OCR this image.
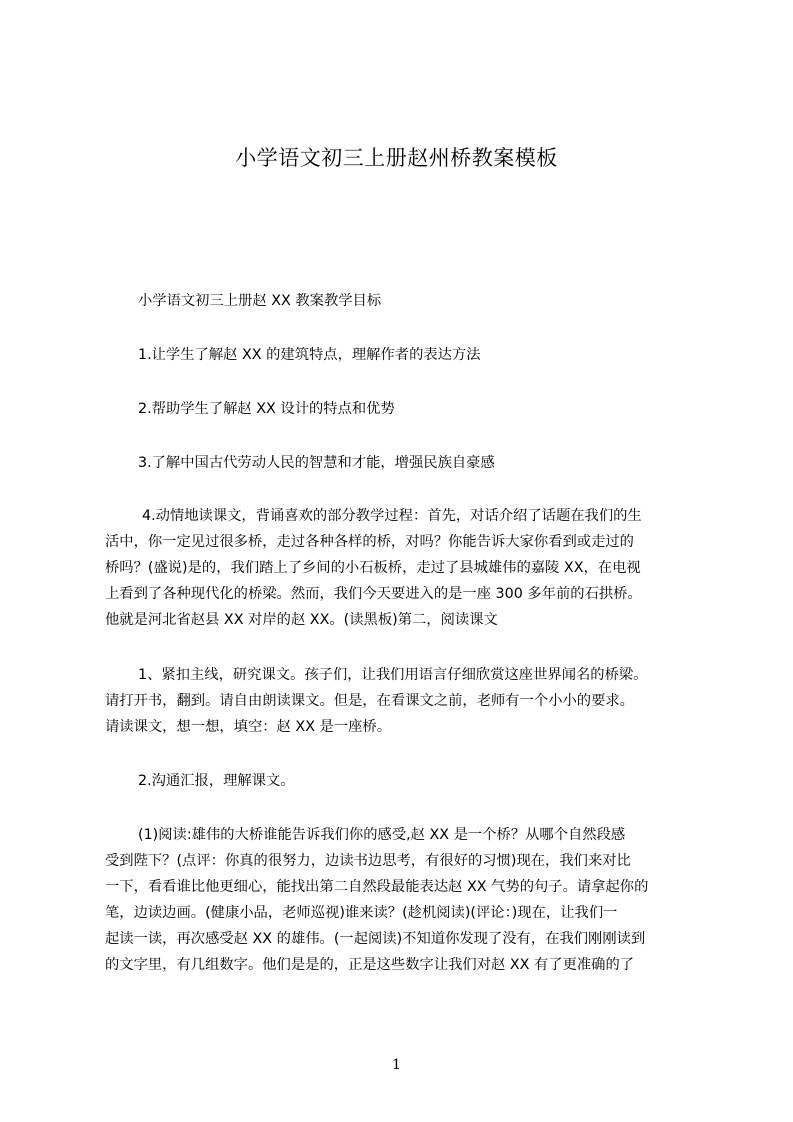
小学语文初三上册赵州桥教案模板
小学语文初三上册赵 XX 教案教学目标
1.让学生了解赵 XX 的建筑特点，理解作者的表达方法
2.帮助学生了解赵 XX 设计的特点和优势
3.了解中国古代劳动人民的智慧和才能，增强民族自豪感
4.动情地读课文，背诵喜欢的部分教学过程：首先，对话介绍了话题在我们的生
活中，你一定见过很多桥，走过各种各样的桥，对吗？你能告诉大家你看到或走过的
桥吗？(盛说)是的，我们踏上了乡间的小石板桥，走过了县城雄伟的嘉陵 XX，在电视
上看到了各种现代化的桥梁。然而，我们今天要进入的是一座 300 多年前的石拱桥。
他就是河北省赵县 XX 对岸的赵 XX。(读黑板)第二，阅读课文
1、紧扣主线，研究课文。孩子们，让我们用语言仔细欣赏这座世界闻名的桥梁。
请打开书，翻到。请自由朗读课文。但是，在看课文之前，老师有一个小小的要求。
请读课文，想一想，填空：赵 XX 是一座桥。
2.沟通汇报，理解课文。
(1)阅读:雄伟的大桥谁能告诉我们你的感受,赵 XX 是一个桥？从哪个自然段感
受到陛下？(点评：你真的很努力，边读书边思考，有很好的习惯)现在，我们来对比
一下，看看谁比他更细心，能找出第二自然段最能表达赵 XX 气势的句子。请拿起你的
笔，边读边画。(健康小品，老师巡视)谁来读？(趁机阅读)(评论：)现在，让我们一
起读一读，再次感受赵 XX 的雄伟。(一起阅读)不知道你发现了没有，在我们刚刚读到
的文字里，有几组数字。他们是是的，正是这些数字让我们对赵 XX 有了更准确的了
1
